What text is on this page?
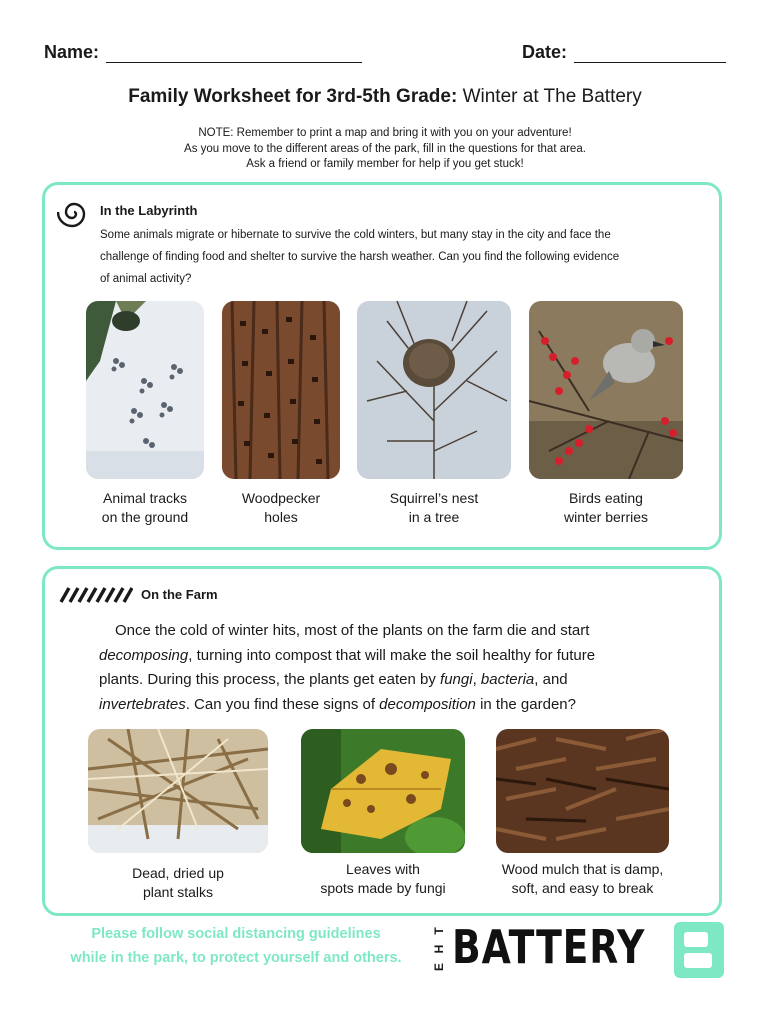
Name:	Date:
Family Worksheet for 3rd-5th Grade: Winter at The Battery
NOTE: Remember to print a map and bring it with you on your adventure!
As you move to the different areas of the park, fill in the questions for that area.
Ask a friend or family member for help if you get stuck!
In the Labyrinth
Some animals migrate or hibernate to survive the cold winters, but many stay in the city and face the
challenge of finding food and shelter to survive the harsh weather. Can you find the following evidence
of animal activity?
Animal tracks
on the ground
Woodpecker
holes
Squirrel’s nest
in a tree
Birds eating
winter berries
On the Farm
Once the cold of winter hits, most of the plants on the farm die and start
decomposing, turning into compost that will make the soil healthy for future
plants. During this process, the plants get eaten by fungi, bacteria, and
invertebrates. Can you find these signs of decomposition in the garden?
Dead, dried up
plant stalks
Leaves with
spots made by fungi
Wood mulch that is damp,
soft, and easy to break
Please follow social distancing guidelines
while in the park, to protect yourself and others.
T
H
E BATTERY
